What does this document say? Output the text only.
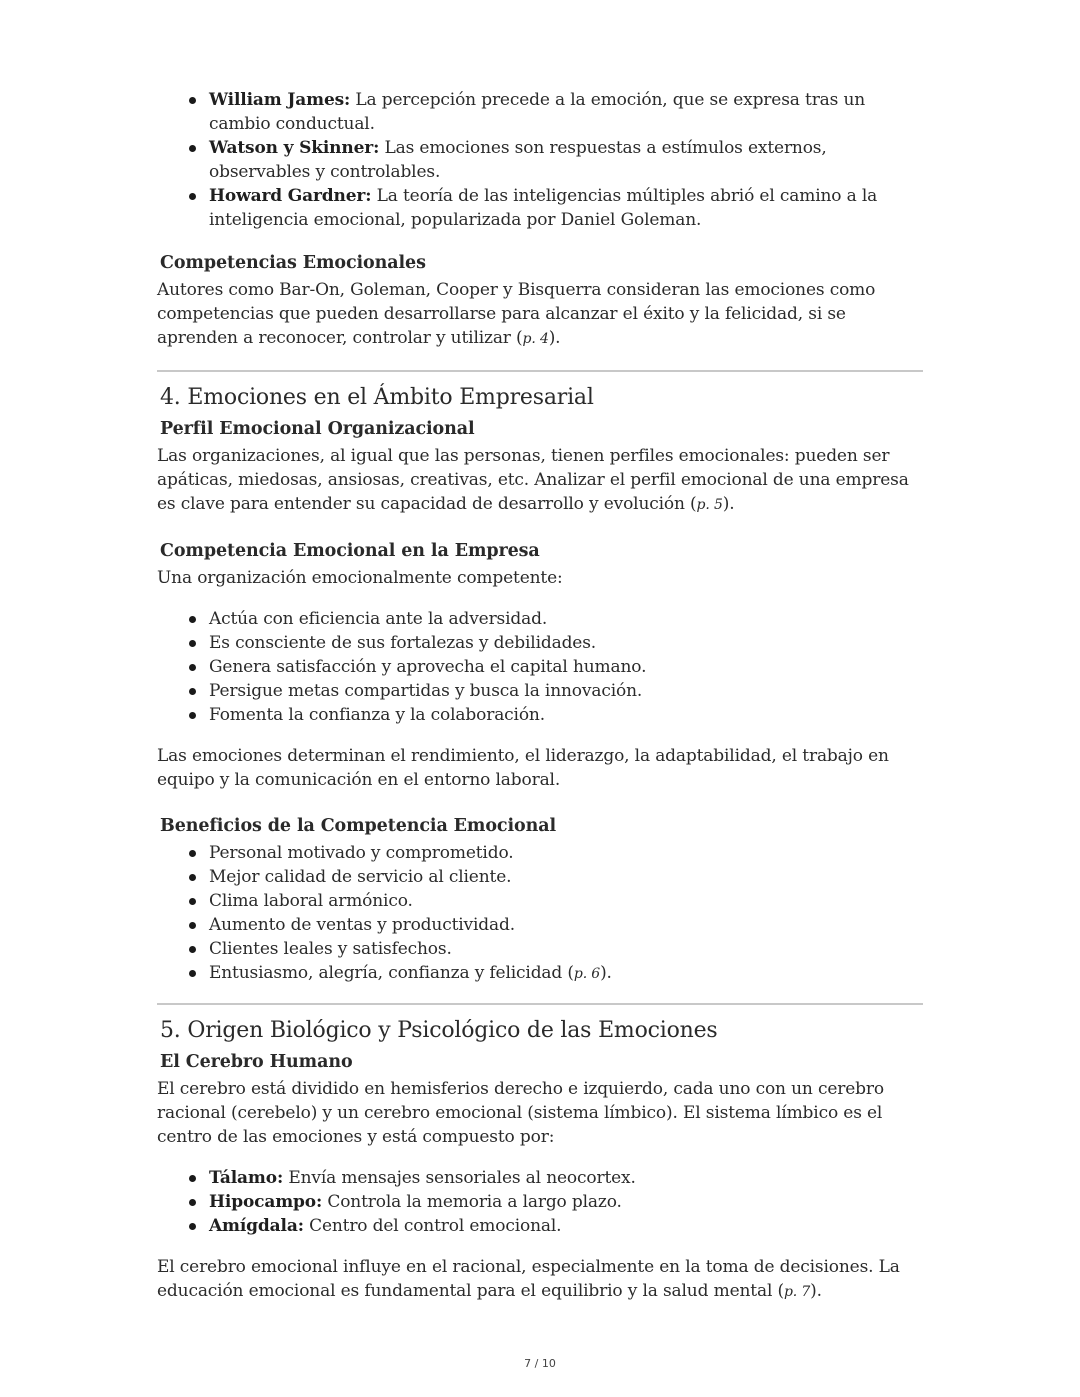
William James: La percepción precede a la emoción, que se expresa tras un cambio conductual.
Watson y Skinner: Las emociones son respuestas a estímulos externos, observables y controlables.
Howard Gardner: La teoría de las inteligencias múltiples abrió el camino a la inteligencia emocional, popularizada por Daniel Goleman.
Competencias Emocionales

Autores como Bar-On, Goleman, Cooper y Bisquerra consideran las emociones como competencias que pueden desarrollarse para alcanzar el éxito y la felicidad, si se aprenden a reconocer, controlar y utilizar (p. 4).

4. Emociones en el Ámbito Empresarial
Perfil Emocional Organizacional

Las organizaciones, al igual que las personas, tienen perfiles emocionales: pueden ser apáticas, miedosas, ansiosas, creativas, etc. Analizar el perfil emocional de una empresa es clave para entender su capacidad de desarrollo y evolución (p. 5).

Competencia Emocional en la Empresa

Una organización emocionalmente competente:

Actúa con eficiencia ante la adversidad.
Es consciente de sus fortalezas y debilidades.
Genera satisfacción y aprovecha el capital humano.
Persigue metas compartidas y busca la innovación.
Fomenta la confianza y la colaboración.

Las emociones determinan el rendimiento, el liderazgo, la adaptabilidad, el trabajo en equipo y la comunicación en el entorno laboral.

Beneficios de la Competencia Emocional
Personal motivado y comprometido.
Mejor calidad de servicio al cliente.
Clima laboral armónico.
Aumento de ventas y productividad.
Clientes leales y satisfechos.
Entusiasmo, alegría, confianza y felicidad (p. 6).
5. Origen Biológico y Psicológico de las Emociones
El Cerebro Humano

El cerebro está dividido en hemisferios derecho e izquierdo, cada uno con un cerebro racional (cerebelo) y un cerebro emocional (sistema límbico). El sistema límbico es el centro de las emociones y está compuesto por:

Tálamo: Envía mensajes sensoriales al neocortex.
Hipocampo: Controla la memoria a largo plazo.
Amígdala: Centro del control emocional.

El cerebro emocional influye en el racional, especialmente en la toma de decisiones. La educación emocional es fundamental para el equilibrio y la salud mental (p. 7).

7 / 10
